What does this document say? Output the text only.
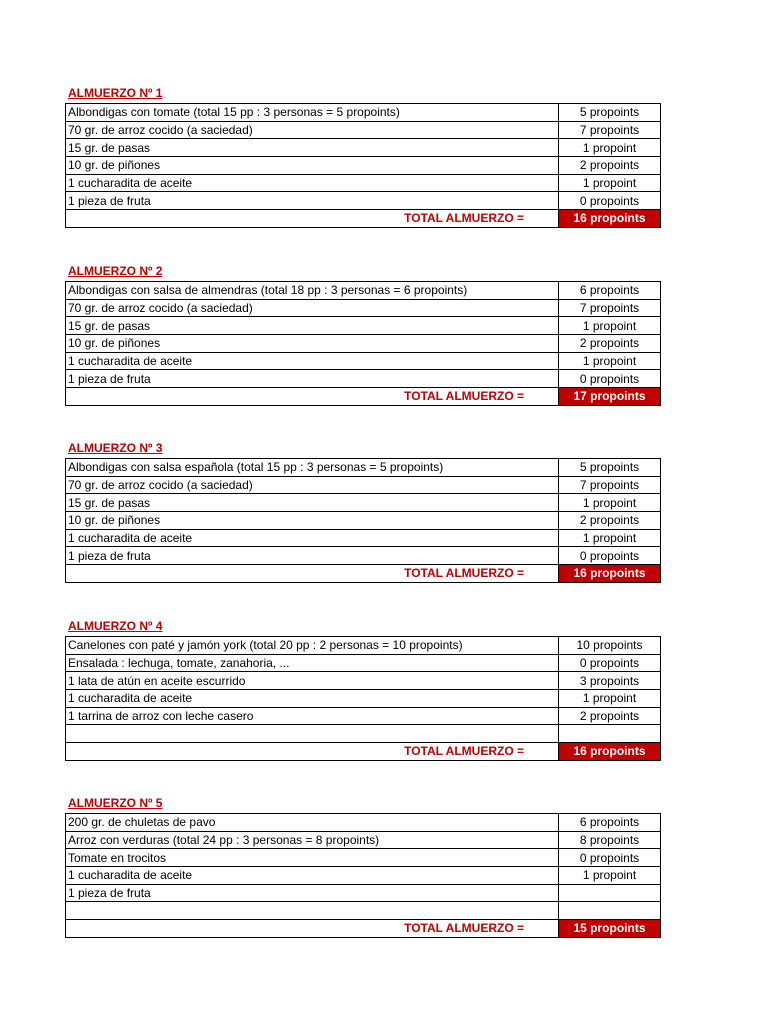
ALMUERZO Nº 1
Albondigas con tomate (total 15 pp : 3 personas = 5 propoints)	5 propoints
70 gr. de arroz cocido (a saciedad)	7 propoints
15 gr. de pasas	1 propoint
10 gr. de piñones	2 propoints
1 cucharadita de aceite	1 propoint
1 pieza de fruta	0 propoints
TOTAL ALMUERZO =	16 propoints
ALMUERZO Nº 2
Albondigas con salsa de almendras (total 18 pp : 3 personas = 6 propoints)	6 propoints
70 gr. de arroz cocido (a saciedad)	7 propoints
15 gr. de pasas	1 propoint
10 gr. de piñones	2 propoints
1 cucharadita de aceite	1 propoint
1 pieza de fruta	0 propoints
TOTAL ALMUERZO =	17 propoints
ALMUERZO Nº 3
Albondigas con salsa española (total 15 pp : 3 personas = 5 propoints)	5 propoints
70 gr. de arroz cocido (a saciedad)	7 propoints
15 gr. de pasas	1 propoint
10 gr. de piñones	2 propoints
1 cucharadita de aceite	1 propoint
1 pieza de fruta	0 propoints
TOTAL ALMUERZO =	16 propoints
ALMUERZO Nº 4
Canelones con paté y jamón york (total 20 pp : 2 personas = 10 propoints)	10 propoints
Ensalada : lechuga, tomate, zanahoria, ...	0 propoints
1 lata de atún en aceite escurrido	3 propoints
1 cucharadita de aceite	1 propoint
1 tarrina de arroz con leche casero	2 propoints

TOTAL ALMUERZO =	16 propoints
ALMUERZO Nº 5
200 gr. de chuletas de pavo	6 propoints
Arroz con verduras (total 24 pp : 3 personas = 8 propoints)	8 propoints
Tomate en trocitos	0 propoints
1 cucharadita de aceite	1 propoint
1 pieza de fruta	

TOTAL ALMUERZO =	15 propoints
